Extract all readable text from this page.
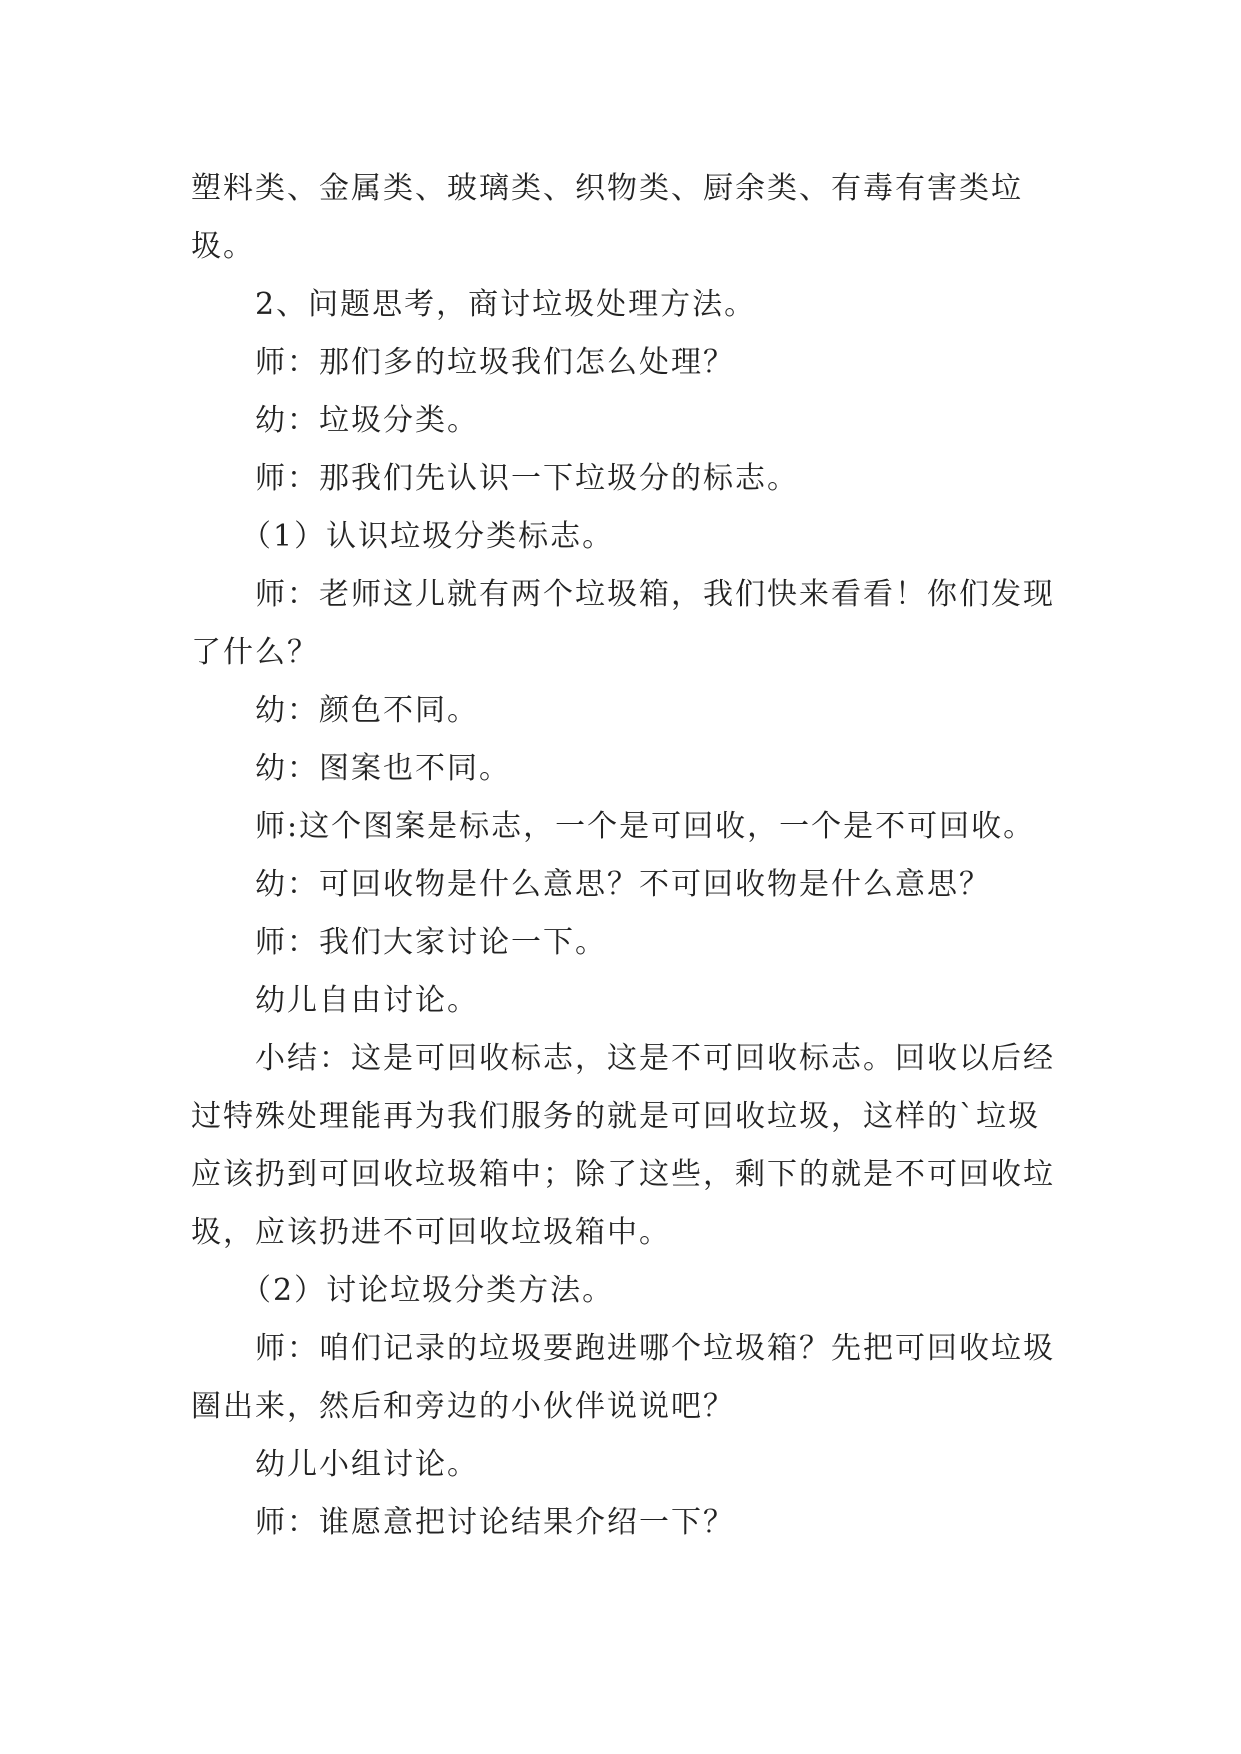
塑料类、金属类、玻璃类、织物类、厨余类、有毒有害类垃圾。

2、问题思考，商讨垃圾处理方法。

师：那们多的垃圾我们怎么处理？

幼：垃圾分类。

师：那我们先认识一下垃圾分的标志。

（1）认识垃圾分类标志。

师：老师这儿就有两个垃圾箱，我们快来看看！你们发现了什么？

幼：颜色不同。

幼：图案也不同。

师:这个图案是标志，一个是可回收，一个是不可回收。

幼：可回收物是什么意思？不可回收物是什么意思？

师：我们大家讨论一下。

幼儿自由讨论。

小结：这是可回收标志，这是不可回收标志。回收以后经过特殊处理能再为我们服务的就是可回收垃圾，这样的`垃圾应该扔到可回收垃圾箱中；除了这些，剩下的就是不可回收垃圾，应该扔进不可回收垃圾箱中。

（2）讨论垃圾分类方法。

师：咱们记录的垃圾要跑进哪个垃圾箱？先把可回收垃圾圈出来，然后和旁边的小伙伴说说吧？

幼儿小组讨论。

师：谁愿意把讨论结果介绍一下？
